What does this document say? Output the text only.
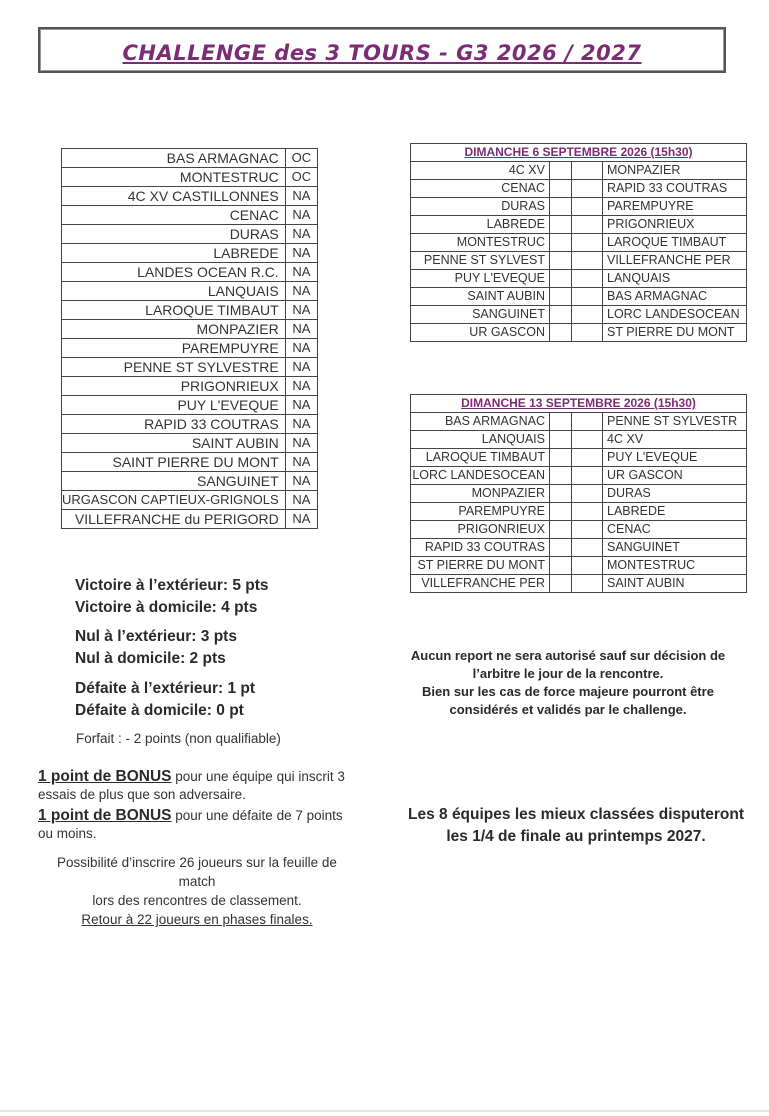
CHALLENGE des 3 TOURS - G3 2026 / 2027
BAS ARMAGNAC	OC
MONTESTRUC	OC
4C XV CASTILLONNES	NA
CENAC	NA
DURAS	NA
LABREDE	NA
LANDES OCEAN R.C.	NA
LANQUAIS	NA
LAROQUE TIMBAUT	NA
MONPAZIER	NA
PAREMPUYRE	NA
PENNE ST SYLVESTRE	NA
PRIGONRIEUX	NA
PUY L'EVEQUE	NA
RAPID 33 COUTRAS	NA
SAINT AUBIN	NA
SAINT PIERRE DU MONT	NA
SANGUINET	NA
URGASCON CAPTIEUX-GRIGNOLS	NA
VILLEFRANCHE du PERIGORD	NA
DIMANCHE 6 SEPTEMBRE 2026 (15h30)			
4C XV			MONPAZIER
CENAC			RAPID 33 COUTRAS
DURAS			PAREMPUYRE
LABREDE			PRIGONRIEUX
MONTESTRUC			LAROQUE TIMBAUT
PENNE ST SYLVEST			VILLEFRANCHE PER
PUY L'EVEQUE			LANQUAIS
SAINT AUBIN			BAS ARMAGNAC
SANGUINET			LORC LANDESOCEAN
UR GASCON			ST PIERRE DU MONT
DIMANCHE 13 SEPTEMBRE 2026 (15h30)			
BAS ARMAGNAC			PENNE ST SYLVESTR
LANQUAIS			4C XV
LAROQUE TIMBAUT			PUY L'EVEQUE
LORC LANDESOCEAN			UR GASCON
MONPAZIER			DURAS
PAREMPUYRE			LABREDE
PRIGONRIEUX			CENAC
RAPID 33 COUTRAS			SANGUINET
ST PIERRE DU MONT			MONTESTRUC
VILLEFRANCHE PER			SAINT AUBIN
Victoire à l’extérieur: 5 pts
Victoire à domicile: 4 pts
Nul à l’extérieur: 3 pts
Nul à domicile: 2 pts
Défaite à l’extérieur: 1 pt
Défaite à domicile: 0 pt
Forfait : - 2 points (non qualifiable)
1 point de BONUS pour une équipe qui inscrit 3 essais de plus que son adversaire.
1 point de BONUS pour une défaite de 7 points ou moins.
Possibilité d’inscrire 26 joueurs sur la feuille de match
lors des rencontres de classement.
Retour à 22 joueurs en phases finales.
Aucun report ne sera autorisé sauf sur décision de
l’arbitre le jour de la rencontre.
Bien sur les cas de force majeure pourront être
considérés et validés par le challenge.
Les 8 équipes les mieux classées disputeront
les 1/4 de finale au printemps 2027.
